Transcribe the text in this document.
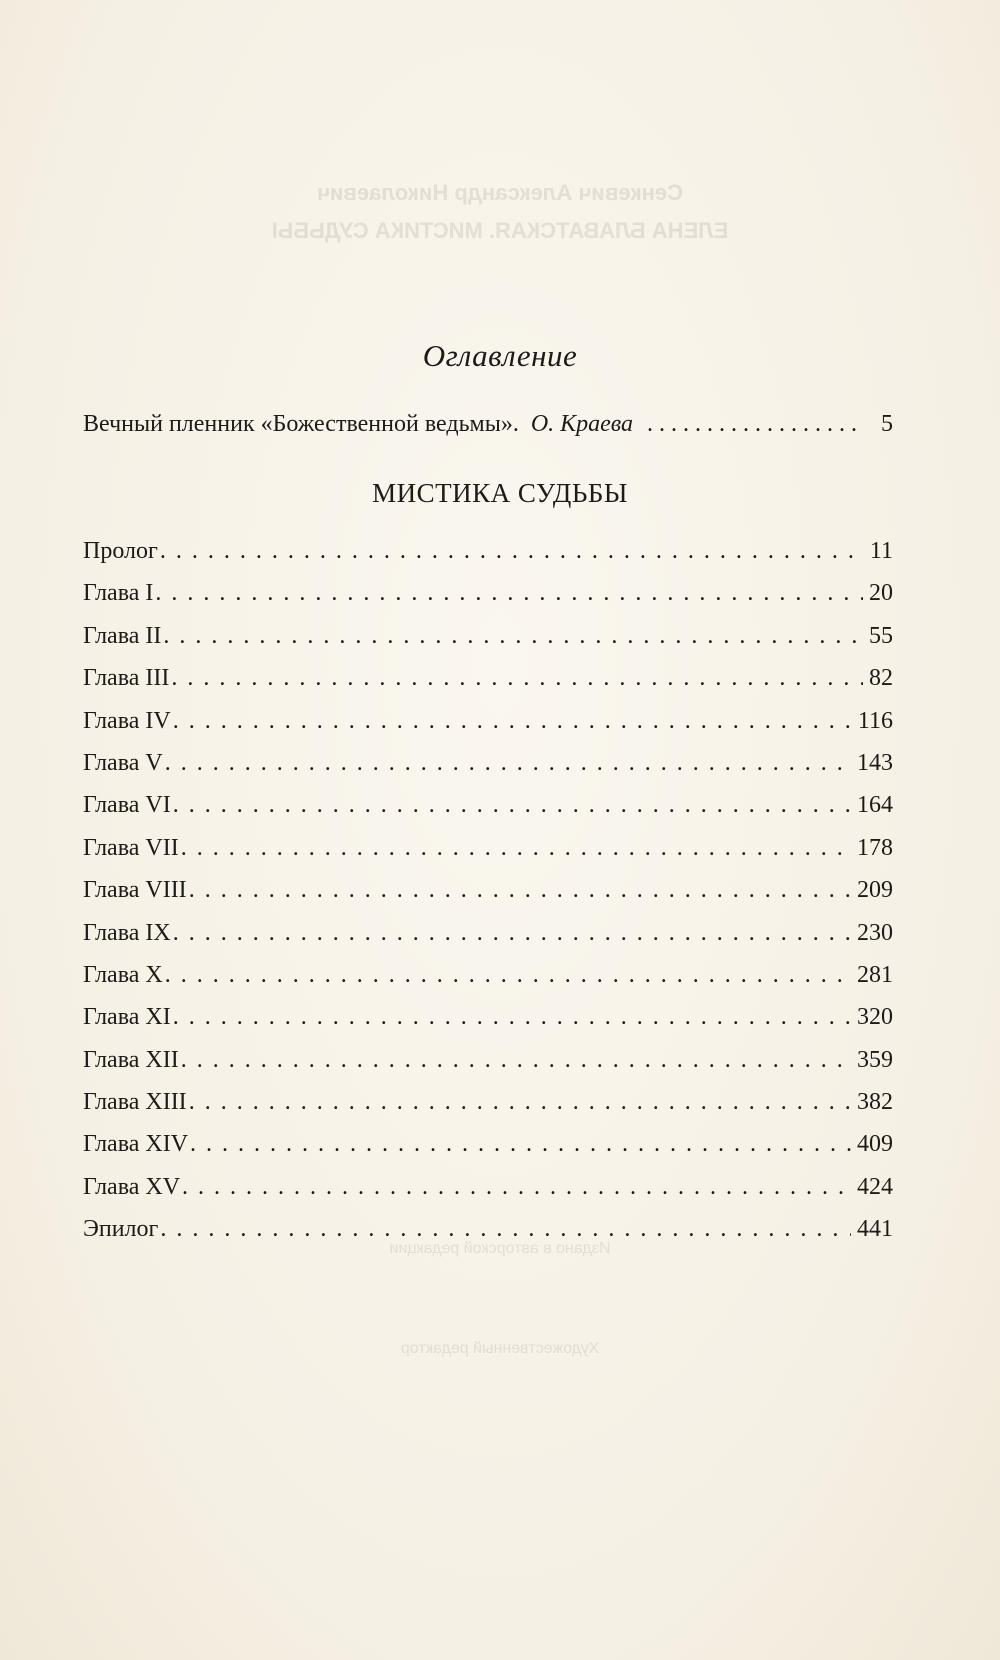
Сенкевич Александр Николаевич
ЕЛЕНА БЛАВАТСКАЯ. МИСТИКА СУДЬБЫ
Издано в авторской редакции
Художественный редактор
Оглавление
Вечный пленник «Божественной ведьмы». О. Краева . . .	5
МИСТИКА СУДЬБЫ
Пролог . . .	11
Глава I . . .	20
Глава II . . .	55
Глава III . . .	82
Глава IV . . .	116
Глава V . . .	143
Глава VI . . .	164
Глава VII . . .	178
Глава VIII . . .	209
Глава IX . . .	230
Глава X . . .	281
Глава XI . . .	320
Глава XII . . .	359
Глава XIII . . .	382
Глава XIV . . .	409
Глава XV . . .	424
Эпилог . . .	441
